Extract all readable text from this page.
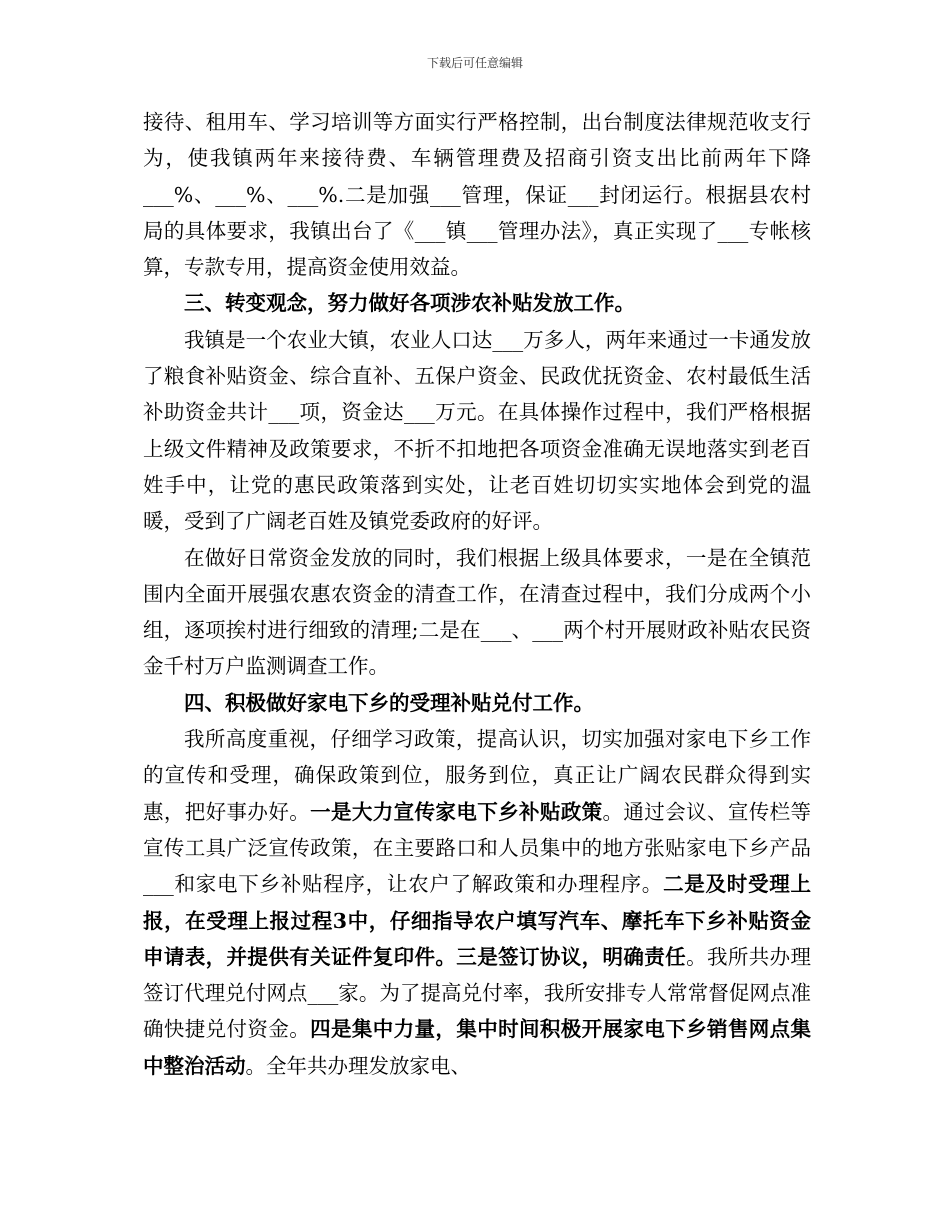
下载后可任意编辑

接待、租用车、学习培训等方面实行严格控制，出台制度法律规范收支行为，使我镇两年来接待费、车辆管理费及招商引资支出比前两年下降___%、___%、___%.二是加强___管理，保证___封闭运行。根据县农村局的具体要求，我镇出台了《___镇___管理办法》，真正实现了___专帐核算，专款专用，提高资金使用效益。

三、转变观念，努力做好各项涉农补贴发放工作。

我镇是一个农业大镇，农业人口达___万多人，两年来通过一卡通发放了粮食补贴资金、综合直补、五保户资金、民政优抚资金、农村最低生活补助资金共计___项，资金达___万元。在具体操作过程中，我们严格根据上级文件精神及政策要求，不折不扣地把各项资金准确无误地落实到老百姓手中，让党的惠民政策落到实处，让老百姓切切实实地体会到党的温暖，受到了广阔老百姓及镇党委政府的好评。

在做好日常资金发放的同时，我们根据上级具体要求，一是在全镇范围内全面开展强农惠农资金的清查工作，在清查过程中，我们分成两个小组，逐项挨村进行细致的清理;二是在___、___两个村开展财政补贴农民资金千村万户监测调查工作。

四、积极做好家电下乡的受理补贴兑付工作。

我所高度重视，仔细学习政策，提高认识，切实加强对家电下乡工作的宣传和受理，确保政策到位，服务到位，真正让广阔农民群众得到实惠，把好事办好。一是大力宣传家电下乡补贴政策。通过会议、宣传栏等宣传工具广泛宣传政策，在主要路口和人员集中的地方张贴家电下乡产品___和家电下乡补贴程序，让农户了解政策和办理程序。二是及时受理上报，在受理上报过程3中，仔细指导农户填写汽车、摩托车下乡补贴资金申请表，并提供有关证件复印件。三是签订协议，明确责任。我所共办理签订代理兑付网点___家。为了提高兑付率，我所安排专人常常督促网点准确快捷兑付资金。四是集中力量，集中时间积极开展家电下乡销售网点集中整治活动。全年共办理发放家电、
